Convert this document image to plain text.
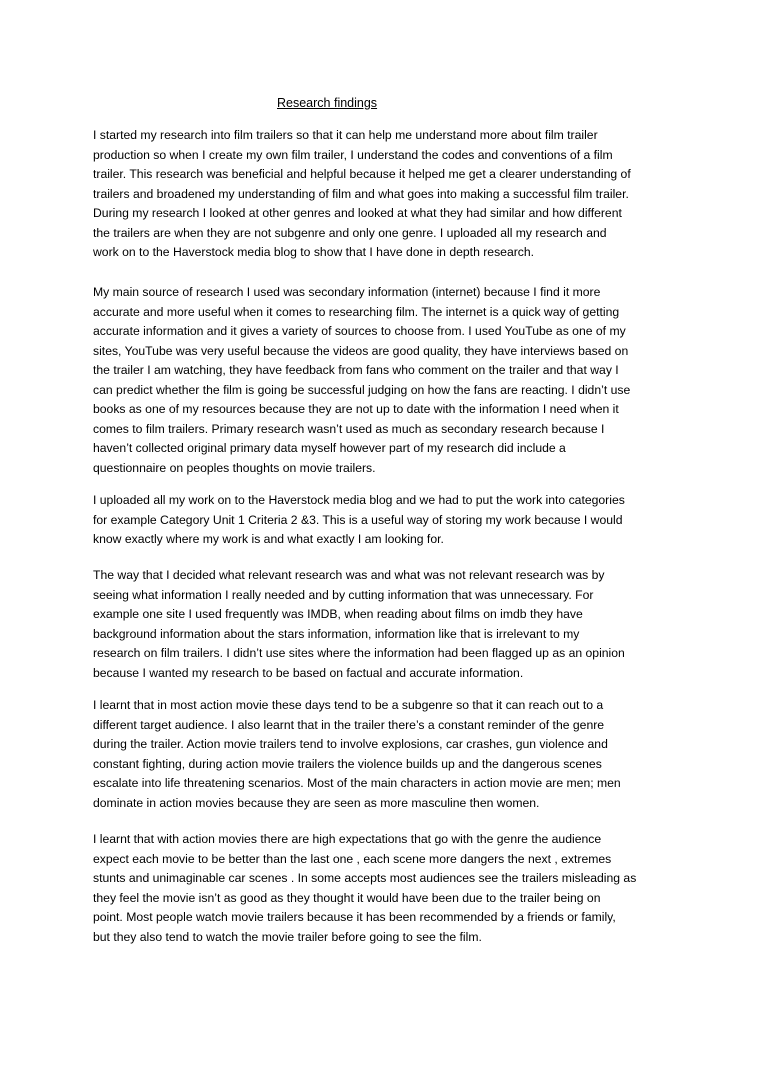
Research findings
I started my research into film trailers so that it can help me understand more about film trailer
production so when I create my own film trailer, I understand the codes and conventions of a film
trailer. This research was beneficial and helpful because it helped me get a clearer understanding of
trailers and broadened my understanding of film and what goes into making a successful film trailer.
During my research I looked at other genres and looked at what they had similar and how different
the trailers are when they are not subgenre and only one genre. I uploaded all my research and
work on to the Haverstock media blog to show that I have done in depth research.
My main source of research I used was secondary information (internet) because I find it more
accurate and more useful when it comes to researching film. The internet is a quick way of getting
accurate information and it gives a variety of sources to choose from. I used YouTube as one of my
sites, YouTube was very useful because the videos are good quality, they have interviews based on
the trailer I am watching, they have feedback from fans who comment on the trailer and that way I
can predict whether the film is going be successful judging on how the fans are reacting. I didn’t use
books as one of my resources because they are not up to date with the information I need when it
comes to film trailers. Primary research wasn’t used as much as secondary research because I
haven’t collected original primary data myself however part of my research did include a
questionnaire on peoples thoughts on movie trailers.
I uploaded all my work on to the Haverstock media blog and we had to put the work into categories
for example Category Unit 1 Criteria 2 &3. This is a useful way of storing my work because I would
know exactly where my work is and what exactly I am looking for.
The way that I decided what relevant research was and what was not relevant research was by
seeing what information I really needed and by cutting information that was unnecessary. For
example one site I used frequently was IMDB, when reading about films on imdb they have
background information about the stars information, information like that is irrelevant to my
research on film trailers. I didn’t use sites where the information had been flagged up as an opinion
because I wanted my research to be based on factual and accurate information.
I learnt that in most action movie these days tend to be a subgenre so that it can reach out to a
different target audience. I also learnt that in the trailer there’s a constant reminder of the genre
during the trailer. Action movie trailers tend to involve explosions, car crashes, gun violence and
constant fighting, during action movie trailers the violence builds up and the dangerous scenes
escalate into life threatening scenarios. Most of the main characters in action movie are men; men
dominate in action movies because they are seen as more masculine then women.
I learnt that with action movies there are high expectations that go with the genre the audience
expect each movie to be better than the last one , each scene more dangers the next , extremes
stunts and unimaginable car scenes . In some accepts most audiences see the trailers misleading as
they feel the movie isn’t as good as they thought it would have been due to the trailer being on
point. Most people watch movie trailers because it has been recommended by a friends or family,
but they also tend to watch the movie trailer before going to see the film.
